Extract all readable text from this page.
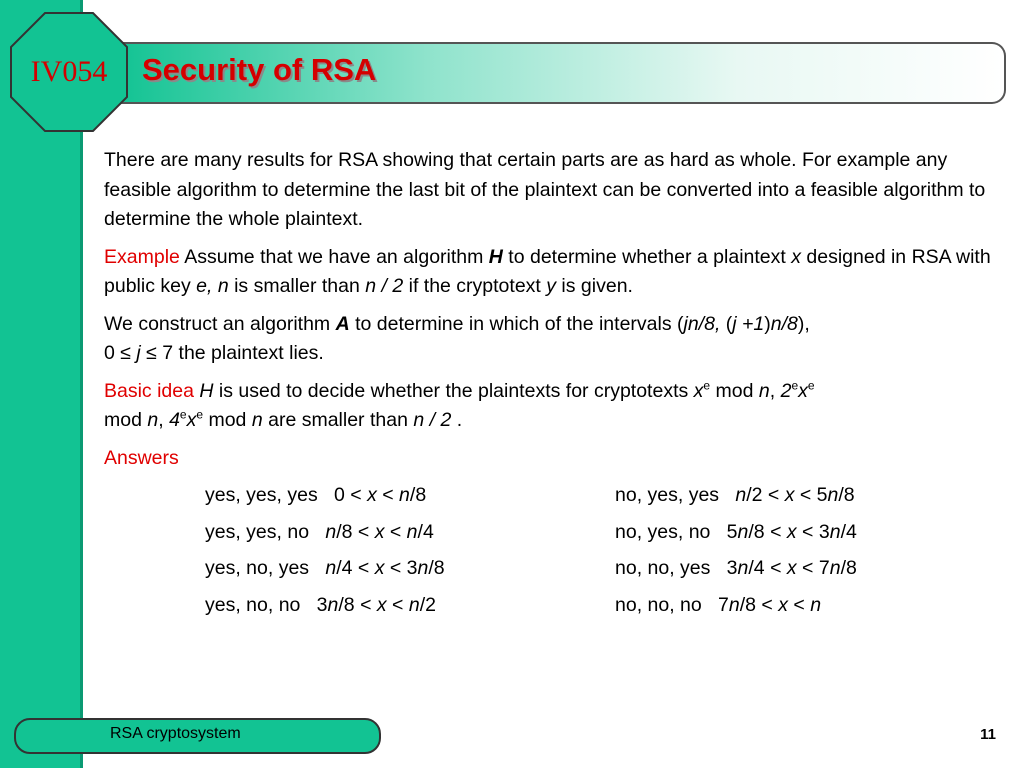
IV054	Security of RSA

There are many results for RSA showing that certain parts are as hard as whole. For example any feasible algorithm to determine the last bit of the plaintext can be converted into a feasible algorithm to determine the whole plaintext.

Example Assume that we have an algorithm H to determine whether a plaintext x designed in RSA with public key e, n is smaller than n / 2 if the cryptotext y is given.

We construct an algorithm A to determine in which of the intervals (jn/8, (j +1)n/8),
0 ≤ j ≤ 7 the plaintext lies.

Basic idea H is used to decide whether the plaintexts for cryptotexts $x^e$ mod n, $2ex^e$
mod n, $4ex^e$ mod n are smaller than n / 2 .

Answers

yes, yes, yes 0 < x < n/8	no, yes, yes n/2 < x < 5n/8
yes, yes, no n/8 < x < n/4	no, yes, no 5n/8 < x < 3n/4
yes, no, yes n/4 < x < 3n/8	no, no, yes 3n/4 < x < 7n/8
yes, no, no 3n/8 < x < n/2	no, no, no 7n/8 < x < n
RSA cryptosystem	11
